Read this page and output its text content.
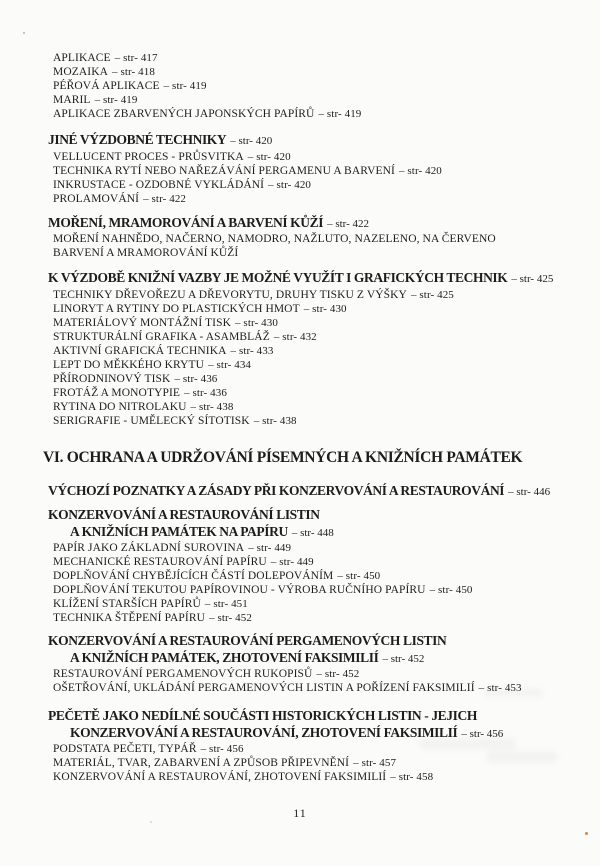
APLIKACE – str- 417
MOZAIKA – str- 418
PÉŘOVÁ APLIKACE – str- 419
MARIL – str- 419
APLIKACE ZBARVENÝCH JAPONSKÝCH PAPÍRŮ – str- 419
JINÉ VÝZDOBNÉ TECHNIKY – str- 420
VELLUCENT PROCES - PRŮSVITKA – str- 420
TECHNIKA RYTÍ NEBO NAŘEZÁVÁNÍ PERGAMENU A BARVENÍ – str- 420
INKRUSTACE - OZDOBNÉ VYKLÁDÁNÍ – str- 420
PROLAMOVÁNÍ – str- 422
MOŘENÍ, MRAMOROVÁNÍ A BARVENÍ KŮŽÍ – str- 422
MOŘENÍ NAHNĚDO, NAČERNO, NAMODRO, NAŽLUTO, NAZELENO, NA ČERVENO
BARVENÍ A MRAMOROVÁNÍ KŮŽÍ
K VÝZDOBĚ KNIŽNÍ VAZBY JE MOŽNÉ VYUŽÍT I GRAFICKÝCH TECHNIK – str- 425
TECHNIKY DŘEVOŘEZU A DŘEVORYTU, DRUHY TISKU Z VÝŠKY – str- 425
LINORYT A RYTINY DO PLASTICKÝCH HMOT – str- 430
MATERIÁLOVÝ MONTÁŽNÍ TISK – str- 430
STRUKTURÁLNÍ GRAFIKA - ASAMBLÁŽ – str- 432
AKTIVNÍ GRAFICKÁ TECHNIKA – str- 433
LEPT DO MĚKKÉHO KRYTU – str- 434
PŘÍRODNINOVÝ TISK – str- 436
FROTÁŽ A MONOTYPIE – str- 436
RYTINA DO NITROLAKU – str- 438
SERIGRAFIE - UMĚLECKÝ SÍTOTISK – str- 438
VI. OCHRANA A UDRŽOVÁNÍ PÍSEMNÝCH A KNIŽNÍCH PAMÁTEK
VÝCHOZÍ POZNATKY A ZÁSADY PŘI KONZERVOVÁNÍ A RESTAUROVÁNÍ – str- 446
KONZERVOVÁNÍ A RESTAUROVÁNÍ LISTIN
A KNIŽNÍCH PAMÁTEK NA PAPÍRU – str- 448
PAPÍR JAKO ZÁKLADNÍ SUROVINA – str- 449
MECHANICKÉ RESTAUROVÁNÍ PAPÍRU – str- 449
DOPLŇOVÁNÍ CHYBĚJÍCÍCH ČÁSTÍ DOLEPOVÁNÍM – str- 450
DOPLŇOVÁNÍ TEKUTOU PAPÍROVINOU - VÝROBA RUČNÍHO PAPÍRU – str- 450
KLÍŽENÍ STARŠÍCH PAPÍRŮ – str- 451
TECHNIKA ŠTĚPENÍ PAPÍRU – str- 452
KONZERVOVÁNÍ A RESTAUROVÁNÍ PERGAMENOVÝCH LISTIN
A KNIŽNÍCH PAMÁTEK, ZHOTOVENÍ FAKSIMILIÍ – str- 452
RESTAUROVÁNÍ PERGAMENOVÝCH RUKOPISŮ – str- 452
OŠETŘOVÁNÍ, UKLÁDÁNÍ PERGAMENOVÝCH LISTIN A POŘÍZENÍ FAKSIMILIÍ – str- 453
PEČETĚ JAKO NEDÍLNÉ SOUČÁSTI HISTORICKÝCH LISTIN - JEJICH
KONZERVOVÁNÍ A RESTAUROVÁNÍ, ZHOTOVENÍ FAKSIMILIÍ – str- 456
PODSTATA PEČETI, TYPÁŘ – str- 456
MATERIÁL, TVAR, ZABARVENÍ A ZPŮSOB PŘIPEVNĚNÍ – str- 457
KONZERVOVÁNÍ A RESTAUROVÁNÍ, ZHOTOVENÍ FAKSIMILIÍ – str- 458
11
